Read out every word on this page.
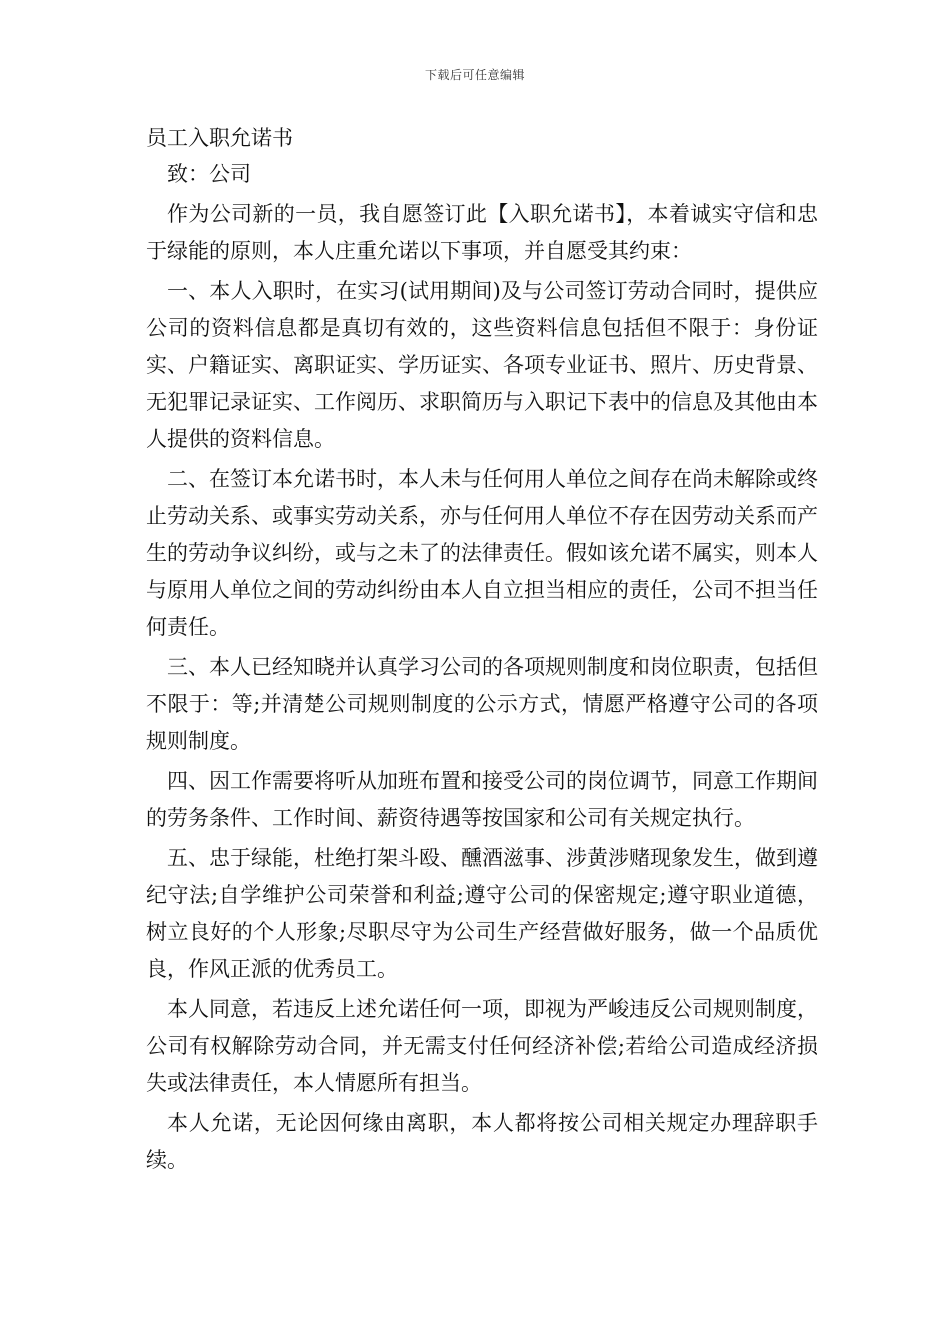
下载后可任意编辑
员工入职允诺书

致：公司

作为公司新的一员，我自愿签订此【入职允诺书】，本着诚实守信和忠于绿能的原则，本人庄重允诺以下事项，并自愿受其约束：

一、本人入职时，在实习(试用期间)及与公司签订劳动合同时，提供应公司的资料信息都是真切有效的，这些资料信息包括但不限于：身份证实、户籍证实、离职证实、学历证实、各项专业证书、照片、历史背景、无犯罪记录证实、工作阅历、求职简历与入职记下表中的信息及其他由本人提供的资料信息。

二、在签订本允诺书时，本人未与任何用人单位之间存在尚未解除或终止劳动关系、或事实劳动关系，亦与任何用人单位不存在因劳动关系而产生的劳动争议纠纷，或与之未了的法律责任。假如该允诺不属实，则本人与原用人单位之间的劳动纠纷由本人自立担当相应的责任，公司不担当任何责任。

三、本人已经知晓并认真学习公司的各项规则制度和岗位职责，包括但不限于：等;并清楚公司规则制度的公示方式，情愿严格遵守公司的各项规则制度。

四、因工作需要将听从加班布置和接受公司的岗位调节，同意工作期间的劳务条件、工作时间、薪资待遇等按国家和公司有关规定执行。

五、忠于绿能，杜绝打架斗殴、醺酒滋事、涉黄涉赌现象发生，做到遵纪守法;自学维护公司荣誉和利益;遵守公司的保密规定;遵守职业道德，树立良好的个人形象;尽职尽守为公司生产经营做好服务，做一个品质优良，作风正派的优秀员工。

本人同意，若违反上述允诺任何一项，即视为严峻违反公司规则制度，公司有权解除劳动合同，并无需支付任何经济补偿;若给公司造成经济损失或法律责任，本人情愿所有担当。

本人允诺，无论因何缘由离职，本人都将按公司相关规定办理辞职手续。
